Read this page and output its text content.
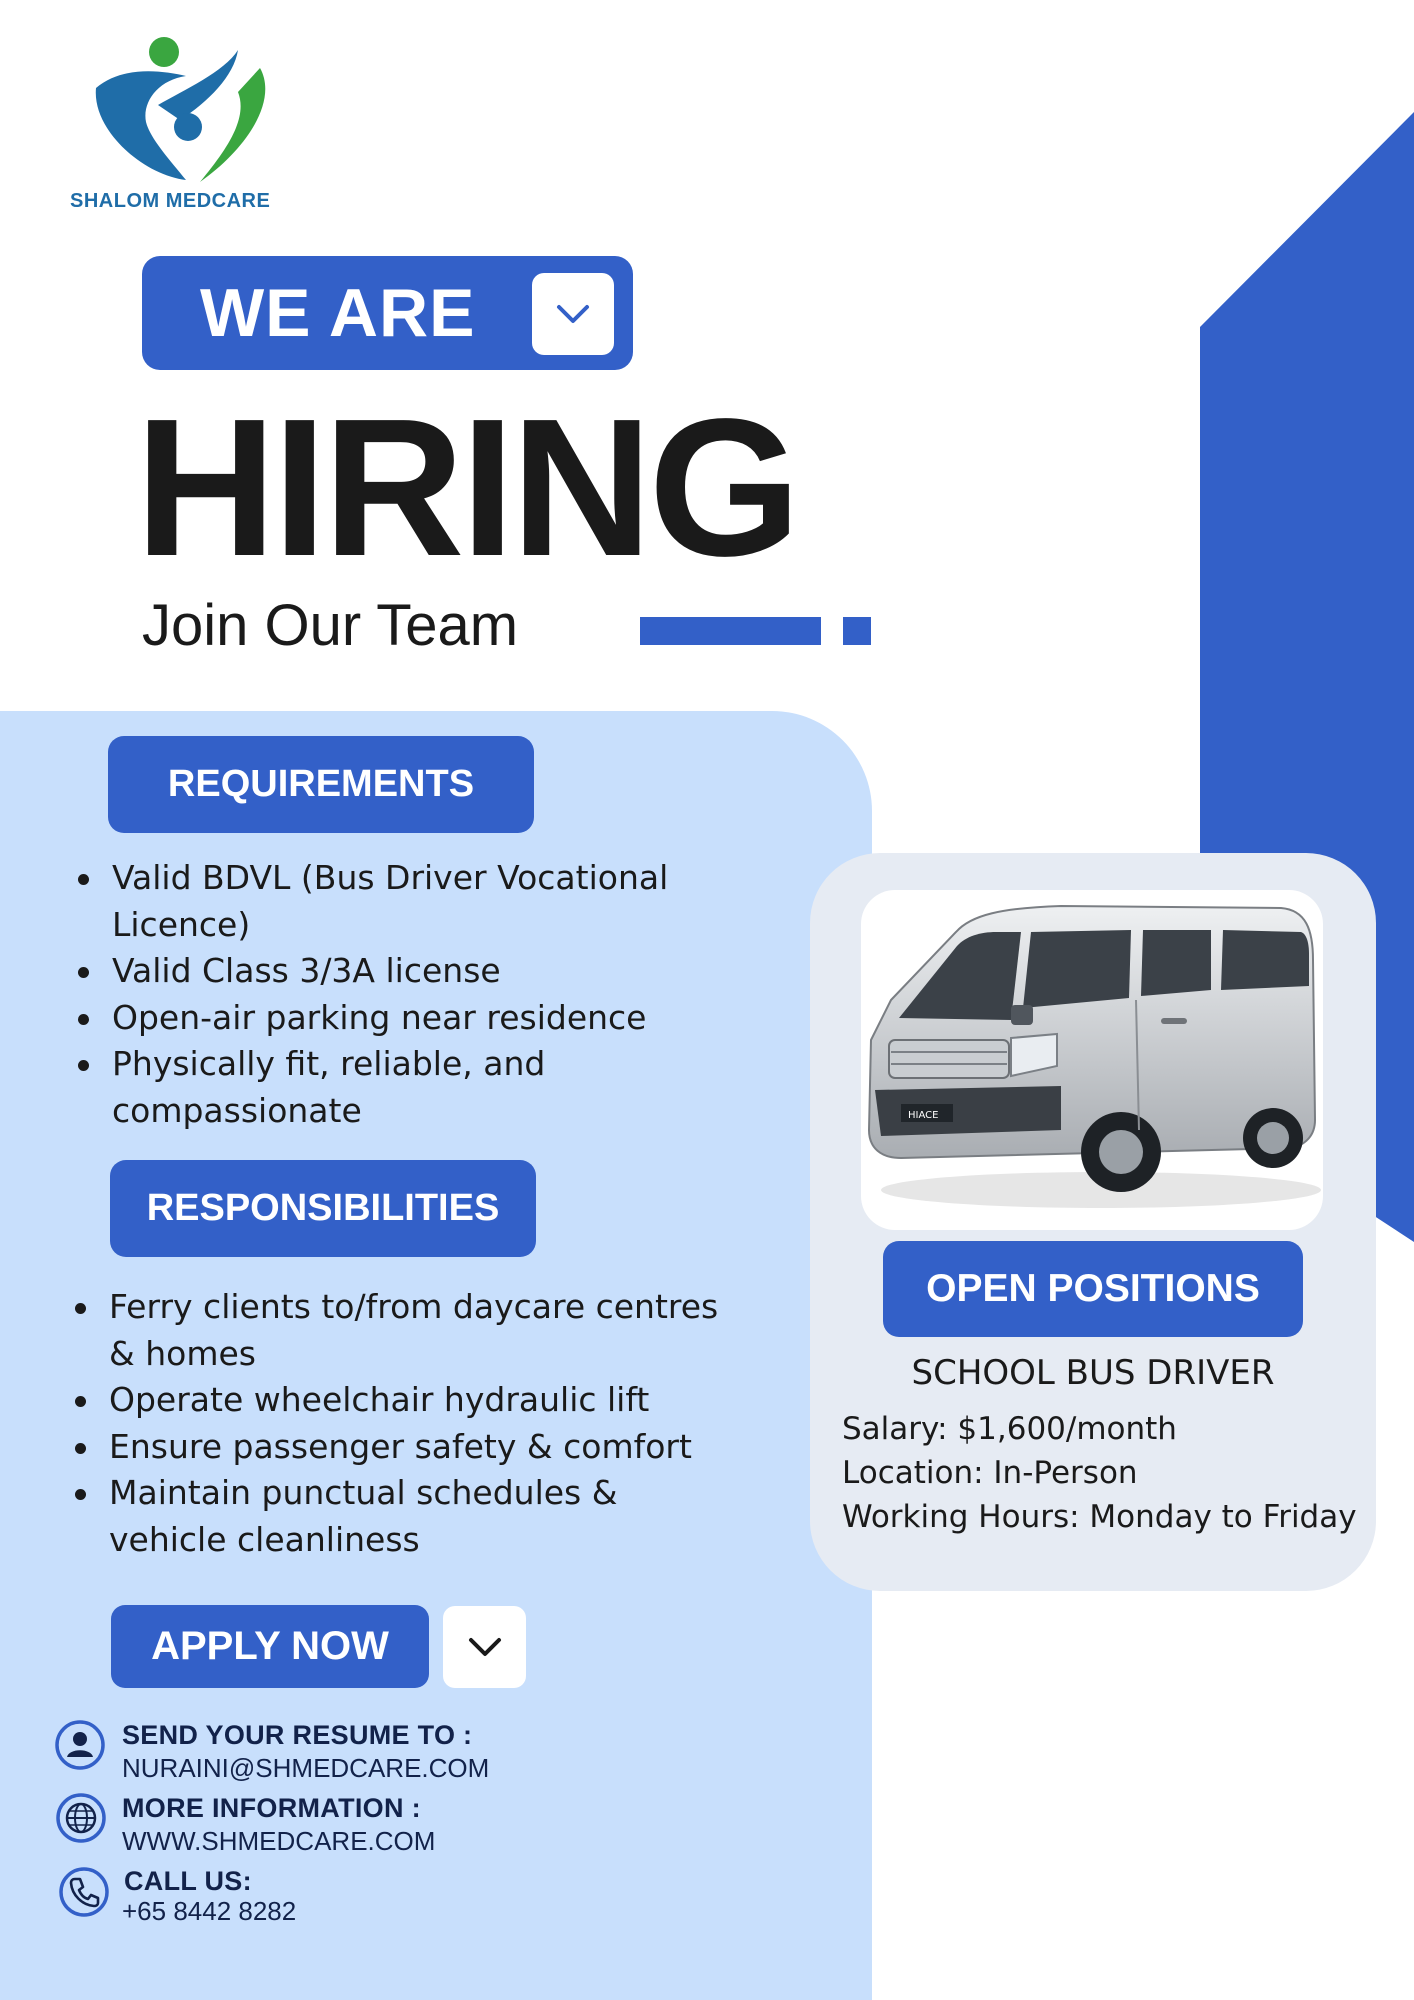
SHALOM MEDCARE
WE ARE
HIRING
Join Our Team
REQUIREMENTS
Valid BDVL (Bus Driver Vocational Licence)
Valid Class 3/3A license
Open-air parking near residence
Physically fit, reliable, and compassionate
RESPONSIBILITIES
Ferry clients to/from daycare centres & homes
Operate wheelchair hydraulic lift
Ensure passenger safety & comfort
Maintain punctual schedules & vehicle cleanliness
APPLY NOW
SEND YOUR RESUME TO :
NURAINI@SHMEDCARE.COM
MORE INFORMATION :
WWW.SHMEDCARE.COM
CALL US:
+65 8442 8282
HIACE
OPEN POSITIONS
SCHOOL BUS DRIVER
Salary: $1,600/month
Location: In-Person
Working Hours: Monday to Friday
